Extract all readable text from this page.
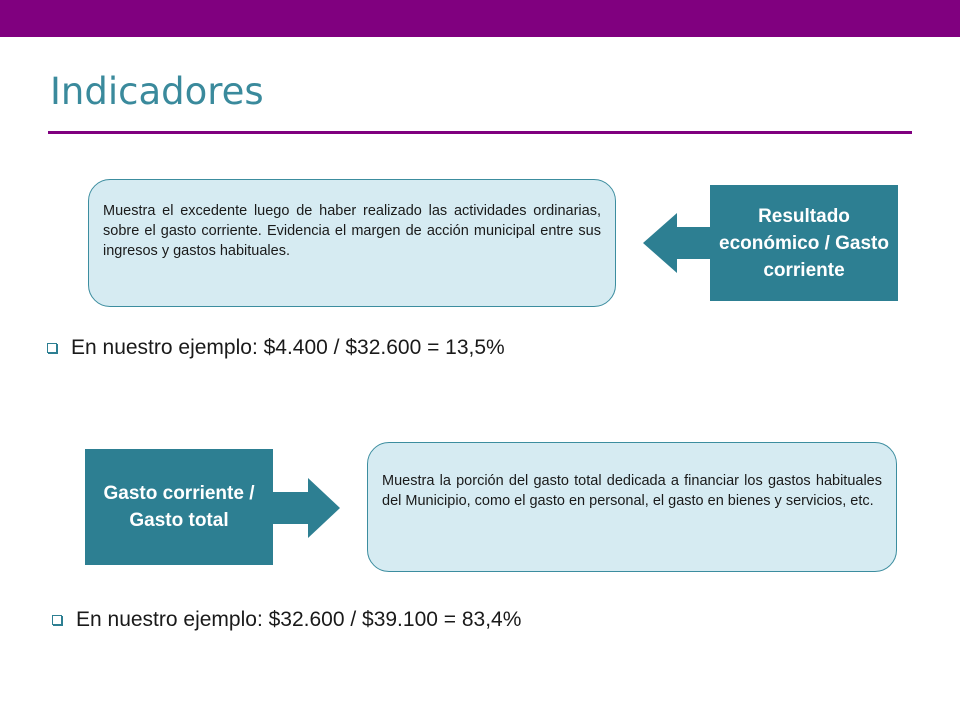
Indicadores
Muestra el excedente luego de haber realizado las actividades ordinarias, sobre el gasto corriente. Evidencia el margen de acción municipal entre sus ingresos y gastos habituales.
Resultado económico / Gasto corriente
En nuestro ejemplo: $4.400 / $32.600 = 13,5%
Gasto corriente / Gasto total
Muestra la porción del gasto total dedicada a financiar los gastos habituales del Municipio, como el gasto en personal, el gasto en bienes y servicios, etc.
En nuestro ejemplo: $32.600 / $39.100 = 83,4%
